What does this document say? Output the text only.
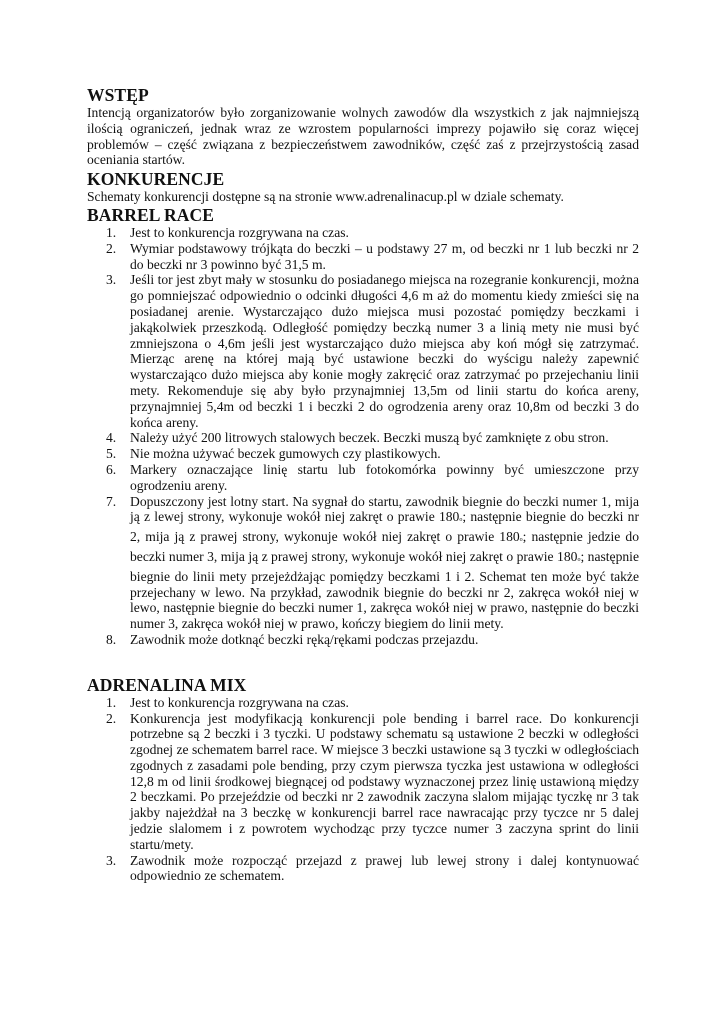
WSTĘP

Intencją organizatorów było zorganizowanie wolnych zawodów dla wszystkich z jak najmniejszą ilością ograniczeń, jednak wraz ze wzrostem popularności imprezy pojawiło się coraz więcej problemów – część związana z bezpieczeństwem zawodników, część zaś z przejrzystością zasad oceniania startów.

KONKURENCJE

Schematy konkurencji dostępne są na stronie www.adrenalinacup.pl w dziale schematy.

BARREL RACE
1. Jest to konkurencja rozgrywana na czas.
2. Wymiar podstawowy trójkąta do beczki – u podstawy 27 m, od beczki nr 1 lub beczki nr 2 do beczki nr 3 powinno być 31,5 m.
3. Jeśli tor jest zbyt mały w stosunku do posiadanego miejsca na rozegranie konkurencji, można go pomniejszać odpowiednio o odcinki długości 4,6 m aż do momentu kiedy zmieści się na posiadanej arenie. Wystarczająco dużo miejsca musi pozostać pomiędzy beczkami i jakąkolwiek przeszkodą. Odległość pomiędzy beczką numer 3 a linią mety nie musi być zmniejszona o 4,6m jeśli jest wystarczająco dużo miejsca aby koń mógł się zatrzymać. Mierząc arenę na której mają być ustawione beczki do wyścigu należy zapewnić wystarczająco dużo miejsca aby konie mogły zakręcić oraz zatrzymać po przejechaniu linii mety. Rekomenduje się aby było przynajmniej 13,5m od linii startu do końca areny, przynajmniej 5,4m od beczki 1 i beczki 2 do ogrodzenia areny oraz 10,8m od beczki 3 do końca areny.
4. Należy użyć 200 litrowych stalowych beczek. Beczki muszą być zamknięte z obu stron.
5. Nie można używać beczek gumowych czy plastikowych.
6. Markery oznaczające linię startu lub fotokomórka powinny być umieszczone przy ogrodzeniu areny.
7. Dopuszczony jest lotny start. Na sygnał do startu, zawodnik biegnie do beczki numer 1, mija ją z lewej strony, wykonuje wokół niej zakręt o prawie 180o; następnie biegnie do beczki nr 2, mija ją z prawej strony, wykonuje wokół niej zakręt o prawie 180o; następnie jedzie do beczki numer 3, mija ją z prawej strony, wykonuje wokół niej zakręt o prawie 180o; następnie biegnie do linii mety przejeżdżając pomiędzy beczkami 1 i 2. Schemat ten może być także przejechany w lewo. Na przykład, zawodnik biegnie do beczki nr 2, zakręca wokół niej w lewo, następnie biegnie do beczki numer 1, zakręca wokół niej w prawo, następnie do beczki numer 3, zakręca wokół niej w prawo, kończy biegiem do linii mety.
8. Zawodnik może dotknąć beczki ręką/rękami podczas przejazdu.
ADRENALINA MIX
1. Jest to konkurencja rozgrywana na czas.
2. Konkurencja jest modyfikacją konkurencji pole bending i barrel race. Do konkurencji potrzebne są 2 beczki i 3 tyczki. U podstawy schematu są ustawione 2 beczki w odległości zgodnej ze schematem barrel race. W miejsce 3 beczki ustawione są 3 tyczki w odległościach zgodnych z zasadami pole bending, przy czym pierwsza tyczka jest ustawiona w odległości 12,8 m od linii środkowej biegnącej od podstawy wyznaczonej przez linię ustawioną między 2 beczkami. Po przejeździe od beczki nr 2 zawodnik zaczyna slalom mijając tyczkę nr 3 tak jakby najeżdżał na 3 beczkę w konkurencji barrel race nawracając przy tyczce nr 5 dalej jedzie slalomem i z powrotem wychodząc przy tyczce numer 3 zaczyna sprint do linii startu/mety.
3. Zawodnik może rozpocząć przejazd z prawej lub lewej strony i dalej kontynuować odpowiednio ze schematem.
